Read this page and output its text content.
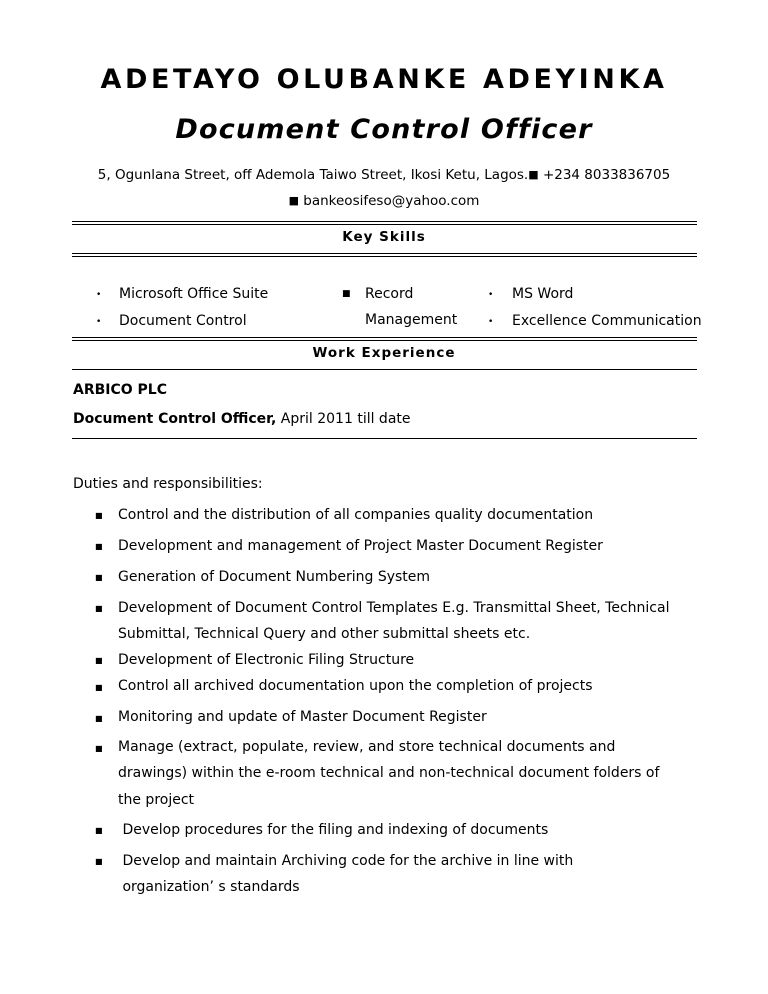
ADETAYO OLUBANKE ADEYINKA
Document Control Officer
5, Ogunlana Street, off Ademola Taiwo Street, Ikosi Ketu, Lagos.■ +234 8033836705
■ bankeosifeso@yahoo.com
Key Skills
• Microsoft Office Suite
• Document Control
■ Record
Management
• MS Word
• Excellence Communication
Work Experience
ARBICO PLC
Document Control Officer, April 2011 till date
Duties and responsibilities:
■ Control and the distribution of all companies quality documentation
■ Development and management of Project Master Document Register
■ Generation of Document Numbering System
■ Development of Document Control Templates E.g. Transmittal Sheet, Technical
Submittal, Technical Query and other submittal sheets etc.
■ Development of Electronic Filing Structure
■ Control all archived documentation upon the completion of projects
■ Monitoring and update of Master Document Register
■ Manage (extract, populate, review, and store technical documents and
drawings) within the e-room technical and non-technical document folders of
the project
■ Develop procedures for the filing and indexing of documents
■ Develop and maintain Archiving code for the archive in line with
organization’ s standards
